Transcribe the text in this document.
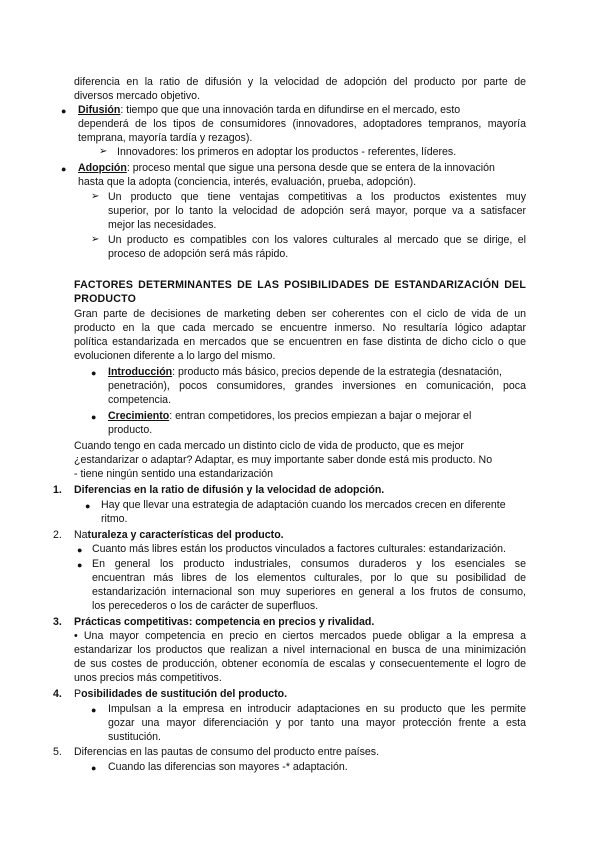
diferencia en la ratio de difusión y la velocidad de adopción del producto por parte de
diversos mercado objetivo.
● Difusión: tiempo que que una innovación tarda en difundirse en el mercado, esto
dependerá de los tipos de consumidores (innovadores, adoptadores tempranos, mayoría
temprana, mayoría tardía y rezagos).
➢ Innovadores: los primeros en adoptar los productos - referentes, líderes.
● Adopción: proceso mental que sigue una persona desde que se entera de la innovación
hasta que la adopta (conciencia, interés, evaluación, prueba, adopción).
➢ Un producto que tiene ventajas competitivas a los productos existentes muy
superior, por lo tanto la velocidad de adopción será mayor, porque va a satisfacer
mejor las necesidades.
➢ Un producto es compatibles con los valores culturales al mercado que se dirige, el
proceso de adopción será más rápido.
FACTORES DETERMINANTES DE LAS POSIBILIDADES DE ESTANDARIZACIÓN DEL
PRODUCTO
Gran parte de decisiones de marketing deben ser coherentes con el ciclo de vida de un
producto en la que cada mercado se encuentre inmerso. No resultaría lógico adaptar
política estandarizada en mercados que se encuentren en fase distinta de dicho ciclo o que
evolucionen diferente a lo largo del mismo.
● Introducción: producto más básico, precios depende de la estrategia (desnatación,
penetración), pocos consumidores, grandes inversiones en comunicación, poca
competencia.
● Crecimiento: entran competidores, los precios empiezan a bajar o mejorar el
producto.
Cuando tengo en cada mercado un distinto ciclo de vida de producto, que es mejor
¿estandarizar o adaptar? Adaptar, es muy importante saber donde está mis producto. No
- tiene ningún sentido una estandarización
1. Diferencias en la ratio de difusión y la velocidad de adopción.
● Hay que llevar una estrategia de adaptación cuando los mercados crecen en diferente
ritmo.
2. Naturaleza y características del producto.
● Cuanto más libres están los productos vinculados a factores culturales: estandarización.
● En general los producto industriales, consumos duraderos y los esenciales se
encuentran más libres de los elementos culturales, por lo que su posibilidad de
estandarización internacional son muy superiores en general a los frutos de consumo,
los perecederos o los de carácter de superfluos.
3. Prácticas competitivas: competencia en precios y rivalidad.
• Una mayor competencia en precio en ciertos mercados puede obligar a la empresa a
estandarizar los productos que realizan a nivel internacional en busca de una minimización
de sus costes de producción, obtener economía de escalas y consecuentemente el logro de
unos precios más competitivos.
4. Posibilidades de sustitución del producto.
● Impulsan a la empresa en introducir adaptaciones en su producto que les permite
gozar una mayor diferenciación y por tanto una mayor protección frente a esta
sustitución.
5. Diferencias en las pautas de consumo del producto entre países.
● Cuando las diferencias son mayores -* adaptación.
